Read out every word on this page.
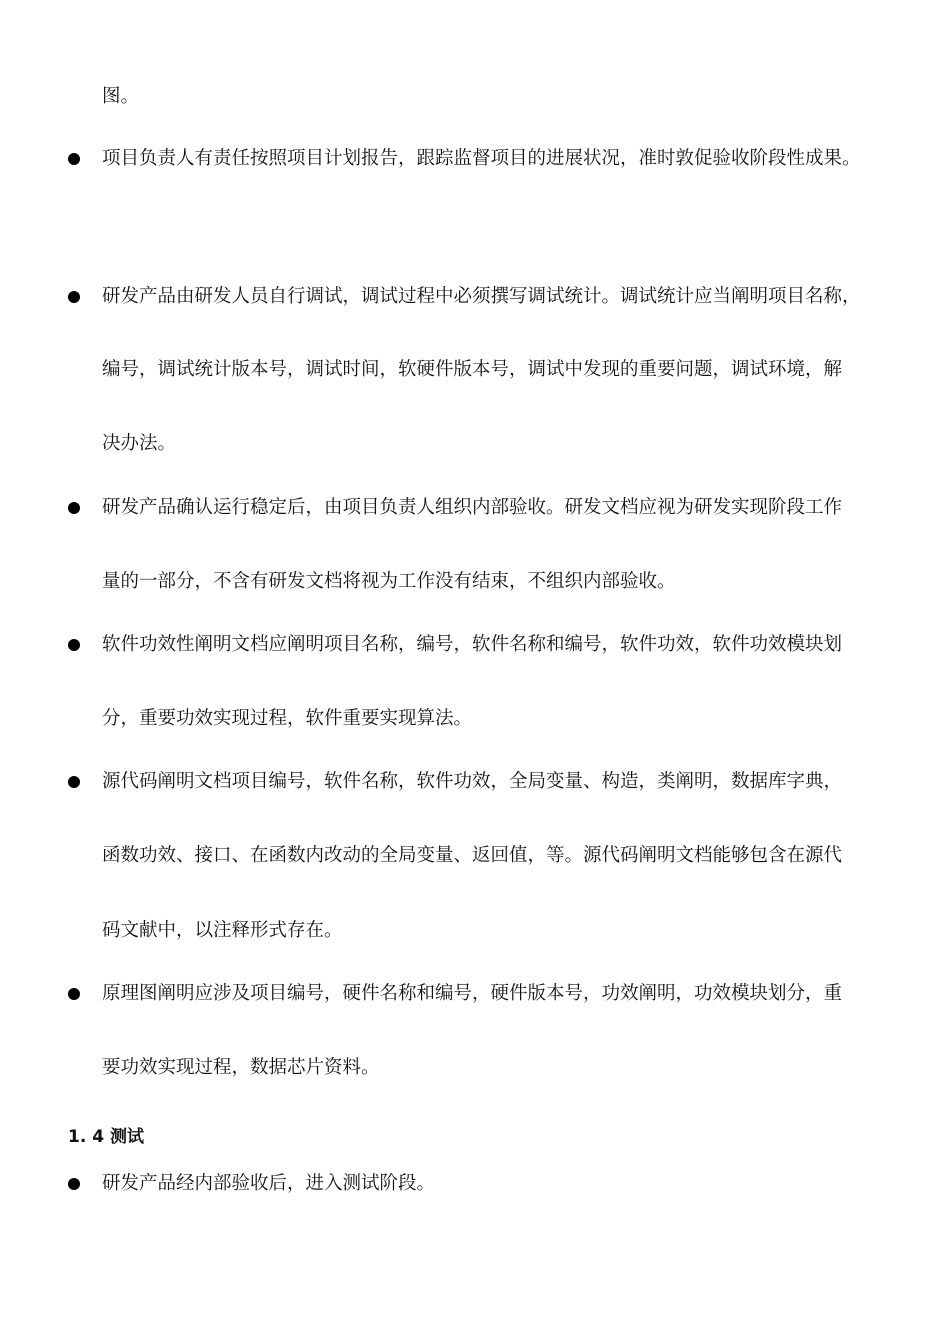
图。
项目负责人有责任按照项目计划报告，跟踪监督项目的进展状况，准时敦促验收阶段性成果。
研发产品由研发人员自行调试，调试过程中必须撰写调试统计。调试统计应当阐明项目名称，
编号，调试统计版本号，调试时间，软硬件版本号，调试中发现的重要问题，调试环境，解
决办法。
研发产品确认运行稳定后，由项目负责人组织内部验收。研发文档应视为研发实现阶段工作
量的一部分，不含有研发文档将视为工作没有结束，不组织内部验收。
软件功效性阐明文档应阐明项目名称，编号，软件名称和编号，软件功效，软件功效模块划
分，重要功效实现过程，软件重要实现算法。
源代码阐明文档项目编号，软件名称，软件功效，全局变量、构造，类阐明，数据库字典，
函数功效、接口、在函数内改动的全局变量、返回值，等。源代码阐明文档能够包含在源代
码文献中，以注释形式存在。
原理图阐明应涉及项目编号，硬件名称和编号，硬件版本号，功效阐明，功效模块划分，重
要功效实现过程，数据芯片资料。
1. 4 测试
研发产品经内部验收后，进入测试阶段。
